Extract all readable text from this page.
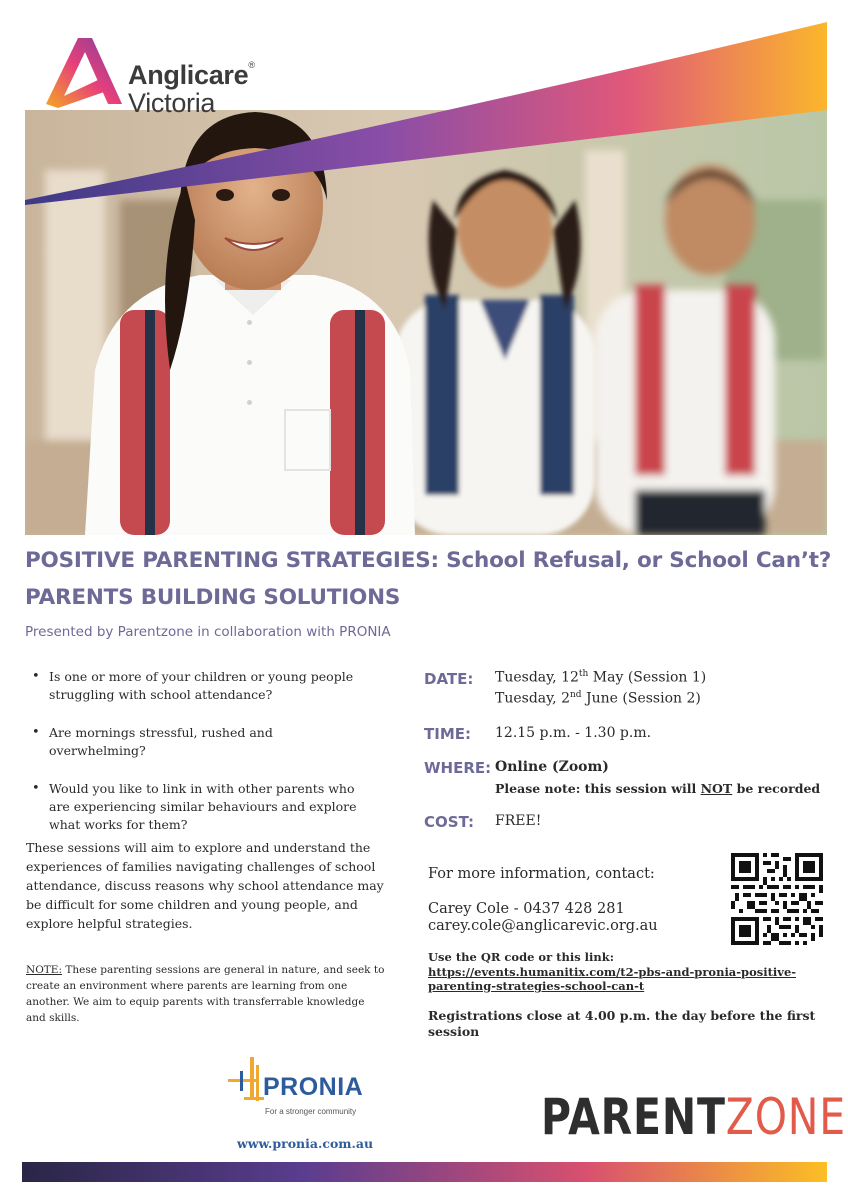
Anglicare®
Victoria
POSITIVE PARENTING STRATEGIES: School Refusal, or School Can’t?
PARENTS BUILDING SOLUTIONS
Presented by Parentzone in collaboration with PRONIA
• Is one or more of your children or young people struggling with school attendance?
• Are mornings stressful, rushed and overwhelming?
• Would you like to link in with other parents who are experiencing similar behaviours and explore what works for them?

These sessions will aim to explore and understand the experiences of families navigating challenges of school attendance, discuss reasons why school attendance may be difficult for some children and young people, and explore helpful strategies.

NOTE: These parenting sessions are general in nature, and seek to create an environment where parents are learning from one another. We aim to equip parents with transferrable knowledge and skills.

DATE: Tuesday, 12th May (Session 1)
Tuesday, 2nd June (Session 2)
TIME: 12.15 p.m. - 1.30 p.m.
WHERE: Online (Zoom)
Please note: this session will NOT be recorded
COST: FREE!
For more information, contact:
Carey Cole - 0437 428 281
carey.cole@anglicarevic.org.au
Use the QR code or this link:
https://events.humanitix.com/t2-pbs-and-pronia-positive-
parenting-strategies-school-can-t
Registrations close at 4.00 p.m. the day before the first session
PRONIA
For a stronger community
www.pronia.com.au	PARENTZONE
